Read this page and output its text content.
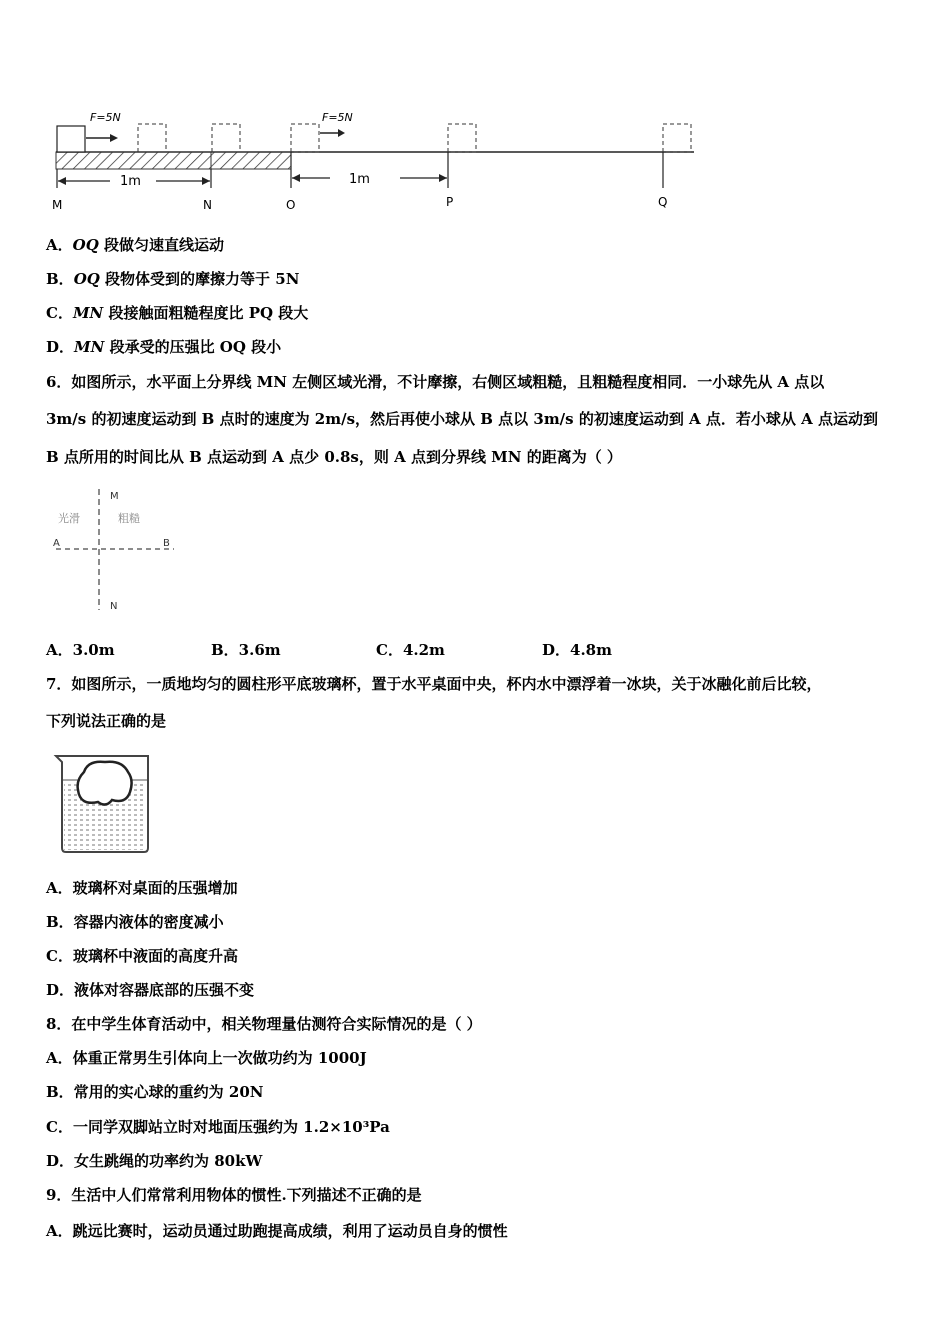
F=5N	F=5N
1m	1m
M	N	O	P	Q
A．OQ 段做匀速直线运动
B．OQ 段物体受到的摩擦力等于 5N
C．MN 段接触面粗糙程度比 PQ 段大
D．MN 段承受的压强比 OQ 段小
6．如图所示，水平面上分界线 MN 左侧区域光滑，不计摩擦，右侧区域粗糙，且粗糙程度相同．一小球先从 A 点以
3m/s 的初速度运动到 B 点时的速度为 2m/s，然后再使小球从 B 点以 3m/s 的初速度运动到 A 点．若小球从 A 点运动到
B 点所用的时间比从 B 点运动到 A 点少 0.8s，则 A 点到分界线 MN 的距离为（ ）
M
N
A	B
光滑	粗糙
A．3.0m	B．3.6m	C．4.2m	D．4.8m
7．如图所示，一质地均匀的圆柱形平底玻璃杯，置于水平桌面中央，杯内水中漂浮着一冰块，关于冰融化前后比较，
下列说法正确的是
A．玻璃杯对桌面的压强增加
B．容器内液体的密度减小
C．玻璃杯中液面的高度升高
D．液体对容器底部的压强不变
8．在中学生体育活动中，相关物理量估测符合实际情况的是（ ）
A．体重正常男生引体向上一次做功约为 1000J
B．常用的实心球的重约为 20N
C．一同学双脚站立时对地面压强约为 1.2×10³Pa
D．女生跳绳的功率约为 80kW
9．生活中人们常常利用物体的惯性.下列描述不正确的是
A．跳远比赛时，运动员通过助跑提高成绩，利用了运动员自身的惯性
